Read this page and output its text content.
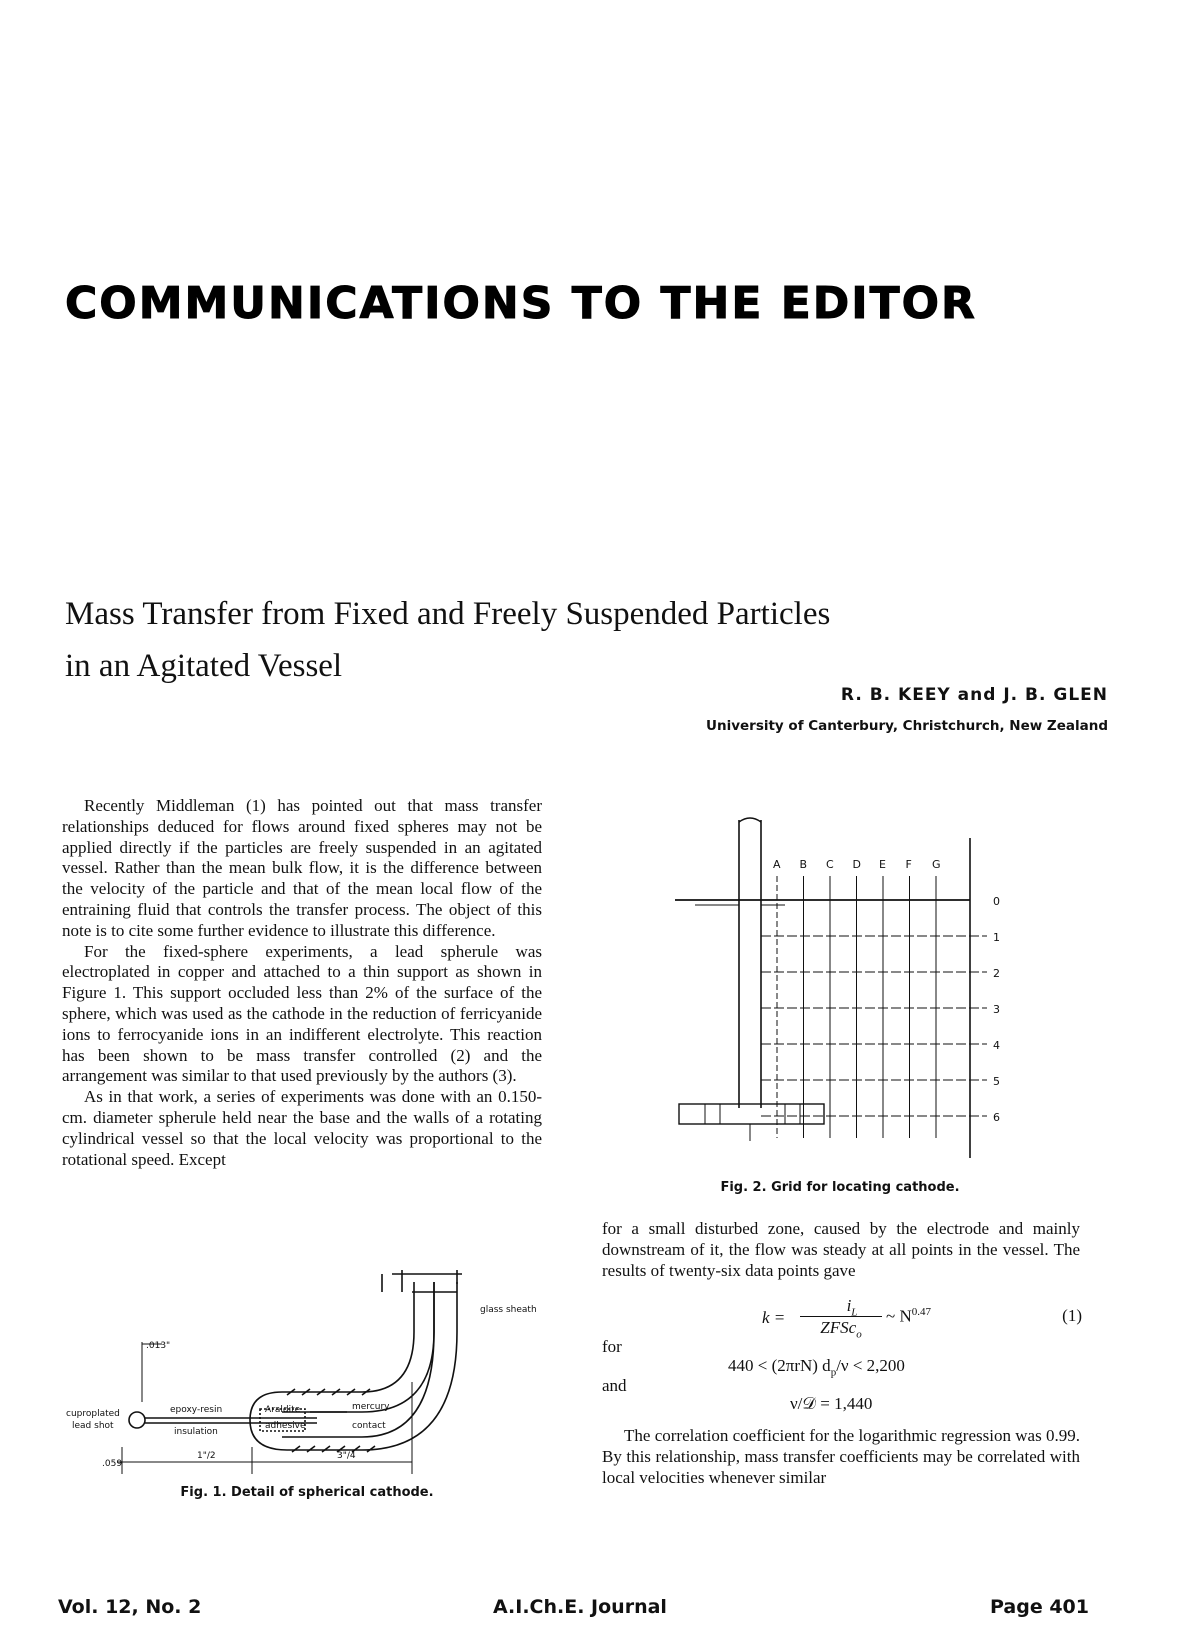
COMMUNICATIONS TO THE EDITOR
Mass Transfer from Fixed and Freely Suspended Particles
in an Agitated Vessel
R. B. KEEY and J. B. GLEN
University of Canterbury, Christchurch, New Zealand

Recently Middleman (1) has pointed out that mass transfer relationships deduced for flows around fixed spheres may not be applied directly if the particles are freely suspended in an agitated vessel. Rather than the mean bulk flow, it is the difference between the velocity of the particle and that of the mean local flow of the entraining fluid that controls the transfer process. The object of this note is to cite some further evidence to illustrate this difference.

For the fixed-sphere experiments, a lead spherule was electroplated in copper and attached to a thin support as shown in Figure 1. This support occluded less than 2% of the surface of the sphere, which was used as the cathode in the reduction of ferricyanide ions to ferrocyanide ions in an indifferent electrolyte. This reaction has been shown to be mass transfer controlled (2) and the arrangement was similar to that used previously by the authors (3).

As in that work, a series of experiments was done with an 0.150-cm. diameter spherule held near the base and the walls of a rotating cylindrical vessel so that the local velocity was proportional to the rotational speed. Except

glass sheath
.013"
cuproplated
lead shot
epoxy-resin
insulation
Araldite
adhesive
mercury
contact
.059
1"/2	3"/4
Fig. 1. Detail of spherical cathode.
A B C D E F G
0
1
2
3
4
5
6
Fig. 2. Grid for locating cathode.

for a small disturbed zone, caused by the electrode and mainly downstream of it, the flow was steady at all points in the vessel. The results of twenty-six data points gave

k =
$i_L$
ZFSc$_o$
~ $N^{0.47}$	(1)
for
440 < (2πrN) $d_p/\nu < 2,200$
and
ν/𝒟 = 1,440

The correlation coefficient for the logarithmic regression was 0.99. By this relationship, mass transfer coefficients may be correlated with local velocities whenever similar

Vol. 12, No. 2	A.I.Ch.E. Journal	Page 401
